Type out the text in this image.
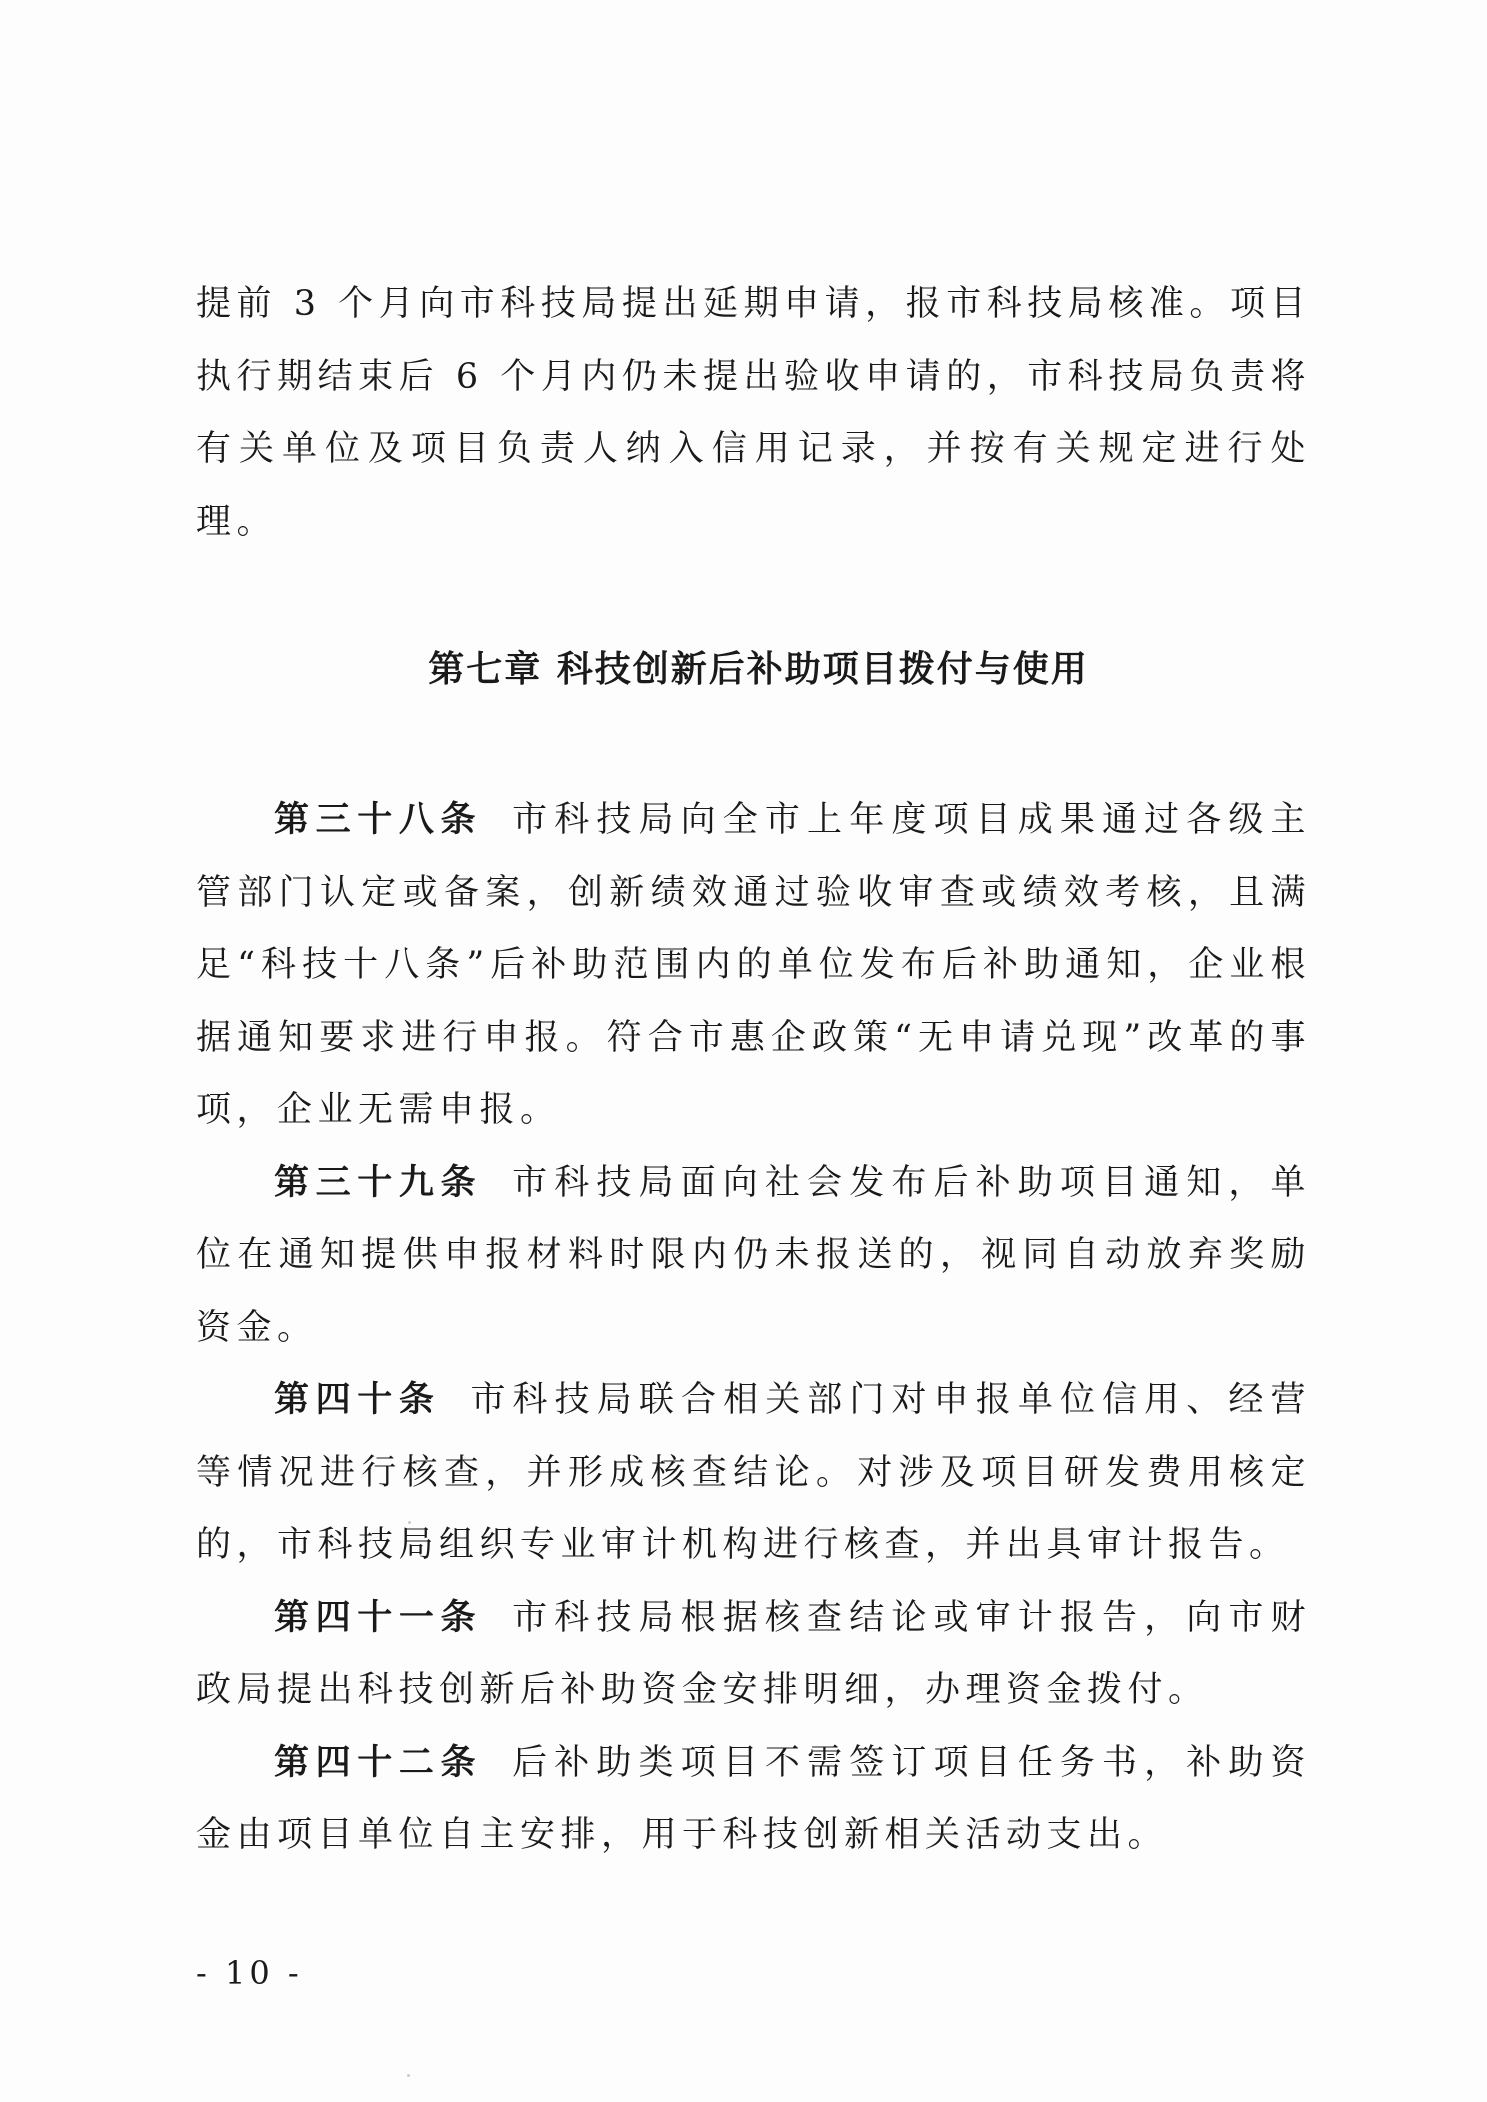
提前 3 个月向市科技局提出延期申请，报市科技局核准。项目执行期结束后 6 个月内仍未提出验收申请的，市科技局负责将有关单位及项目负责人纳入信用记录，并按有关规定进行处理。

第七章 科技创新后补助项目拨付与使用

第三十八条 市科技局向全市上年度项目成果通过各级主管部门认定或备案，创新绩效通过验收审查或绩效考核，且满足“科技十八条”后补助范围内的单位发布后补助通知，企业根据通知要求进行申报。符合市惠企政策“无申请兑现”改革的事项，企业无需申报。

第三十九条 市科技局面向社会发布后补助项目通知，单位在通知提供申报材料时限内仍未报送的，视同自动放弃奖励资金。

第四十条 市科技局联合相关部门对申报单位信用、经营等情况进行核查，并形成核查结论。对涉及项目研发费用核定的，市科技局组织专业审计机构进行核查，并出具审计报告。

第四十一条 市科技局根据核查结论或审计报告，向市财政局提出科技创新后补助资金安排明细，办理资金拨付。

第四十二条 后补助类项目不需签订项目任务书，补助资金由项目单位自主安排，用于科技创新相关活动支出。

- 10 -
